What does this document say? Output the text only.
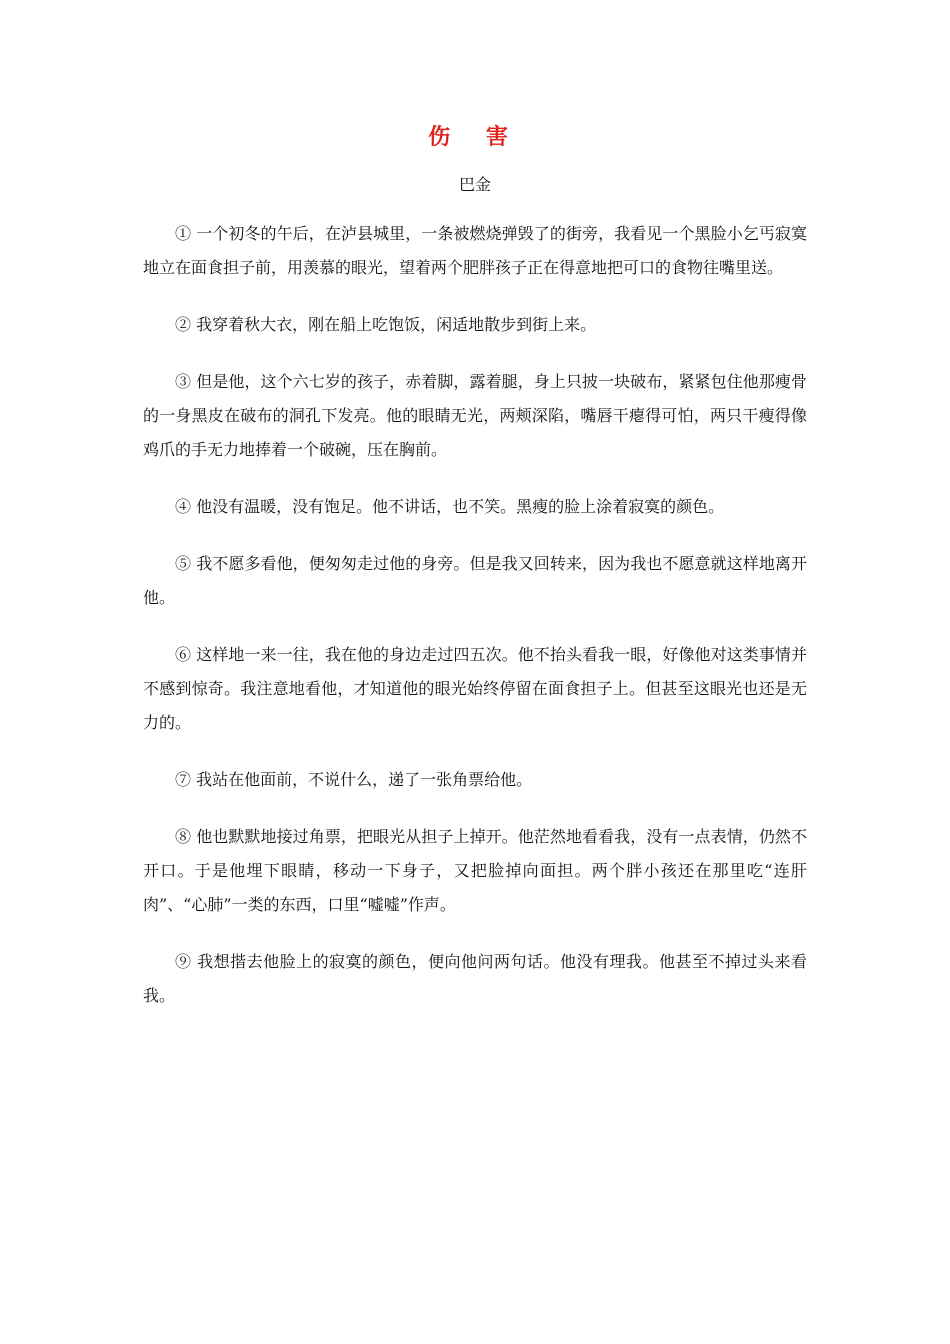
伤 害
巴金

① 一个初冬的午后，在泸县城里，一条被燃烧弹毁了的街旁，我看见一个黑脸小乞丐寂寞地立在面食担子前，用羡慕的眼光，望着两个肥胖孩子正在得意地把可口的食物往嘴里送。

② 我穿着秋大衣，刚在船上吃饱饭，闲适地散步到街上来。

③ 但是他，这个六七岁的孩子，赤着脚，露着腿，身上只披一块破布，紧紧包住他那瘦骨的一身黑皮在破布的洞孔下发亮。他的眼睛无光，两颊深陷，嘴唇干瘪得可怕，两只干瘦得像鸡爪的手无力地捧着一个破碗，压在胸前。

④ 他没有温暖，没有饱足。他不讲话，也不笑。黑瘦的脸上涂着寂寞的颜色。

⑤ 我不愿多看他，便匆匆走过他的身旁。但是我又回转来，因为我也不愿意就这样地离开他。

⑥ 这样地一来一往，我在他的身边走过四五次。他不抬头看我一眼，好像他对这类事情并不感到惊奇。我注意地看他，才知道他的眼光始终停留在面食担子上。但甚至这眼光也还是无力的。

⑦ 我站在他面前，不说什么，递了一张角票给他。

⑧ 他也默默地接过角票，把眼光从担子上掉开。他茫然地看看我，没有一点表情，仍然不开口。于是他埋下眼睛，移动一下身子，又把脸掉向面担。两个胖小孩还在那里吃“连肝肉”、“心肺”一类的东西，口里“嘘嘘”作声。

⑨ 我想揩去他脸上的寂寞的颜色，便向他问两句话。他没有理我。他甚至不掉过头来看我。
